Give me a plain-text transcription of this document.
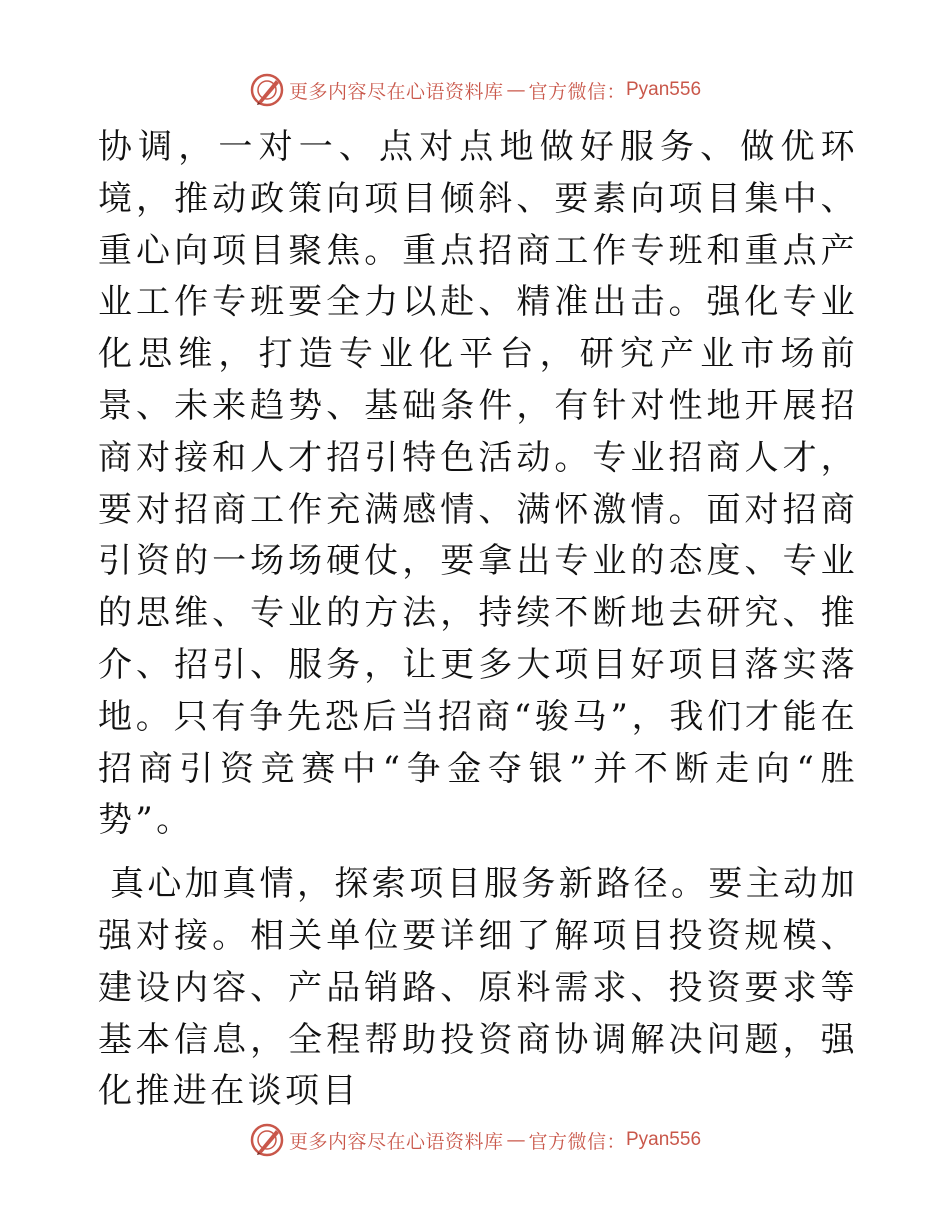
更多内容尽在心语资料库 — 官方微信： Pyan556

协调，一对一、点对点地做好服务、做优环境，推动政策向项目倾斜、要素向项目集中、重心向项目聚焦。重点招商工作专班和重点产业工作专班要全力以赴、精准出击。强化专业化思维，打造专业化平台，研究产业市场前景、未来趋势、基础条件，有针对性地开展招商对接和人才招引特色活动。专业招商人才，要对招商工作充满感情、满怀激情。面对招商引资的一场场硬仗，要拿出专业的态度、专业的思维、专业的方法，持续不断地去研究、推介、招引、服务，让更多大项目好项目落实落地。只有争先恐后当招商“骏马”，我们才能在招商引资竞赛中“争金夺银”并不断走向“胜势”。

真心加真情，探索项目服务新路径。要主动加强对接。相关单位要详细了解项目投资规模、建设内容、产品销路、原料需求、投资要求等基本信息，全程帮助投资商协调解决问题，强化推进在谈项目

更多内容尽在心语资料库 — 官方微信： Pyan556
